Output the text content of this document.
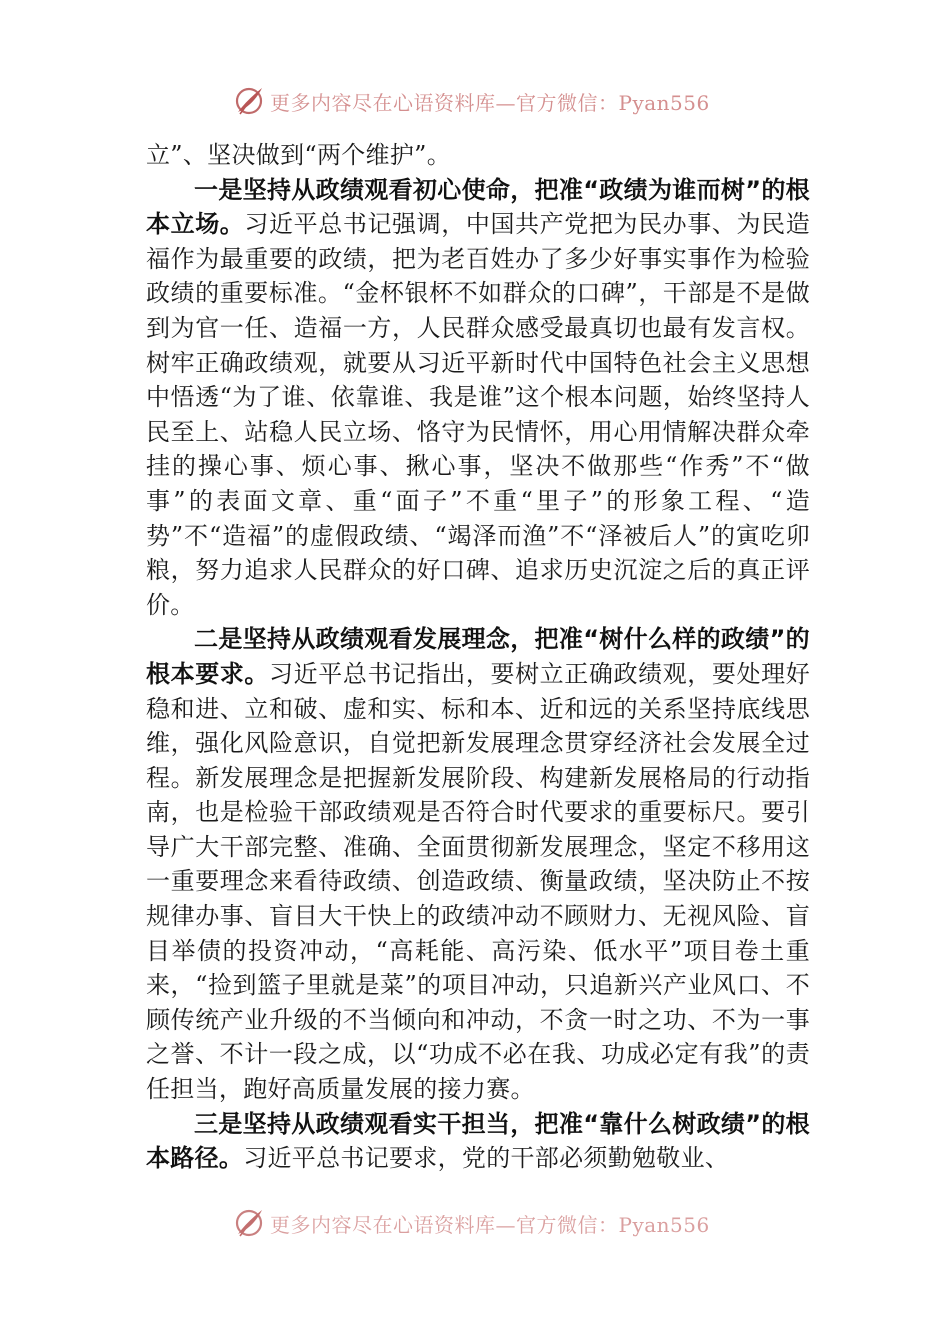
更多内容尽在心语资料库—官方微信：Pyan556

立”、坚决做到“两个维护”。

一是坚持从政绩观看初心使命，把准“政绩为谁而树”的根本立场。习近平总书记强调，中国共产党把为民办事、为民造福作为最重要的政绩，把为老百姓办了多少好事实事作为检验政绩的重要标准。“金杯银杯不如群众的口碑”，干部是不是做到为官一任、造福一方，人民群众感受最真切也最有发言权。树牢正确政绩观，就要从习近平新时代中国特色社会主义思想中悟透“为了谁、依靠谁、我是谁”这个根本问题，始终坚持人民至上、站稳人民立场、恪守为民情怀，用心用情解决群众牵挂的操心事、烦心事、揪心事，坚决不做那些“作秀”不“做事”的表面文章、重“面子”不重“里子”的形象工程、“造势”不“造福”的虚假政绩、“竭泽而渔”不“泽被后人”的寅吃卯粮，努力追求人民群众的好口碑、追求历史沉淀之后的真正评价。

二是坚持从政绩观看发展理念，把准“树什么样的政绩”的根本要求。习近平总书记指出，要树立正确政绩观，要处理好稳和进、立和破、虚和实、标和本、近和远的关系坚持底线思维，强化风险意识，自觉把新发展理念贯穿经济社会发展全过程。新发展理念是把握新发展阶段、构建新发展格局的行动指南，也是检验干部政绩观是否符合时代要求的重要标尺。要引导广大干部完整、准确、全面贯彻新发展理念，坚定不移用这一重要理念来看待政绩、创造政绩、衡量政绩，坚决防止不按规律办事、盲目大干快上的政绩冲动不顾财力、无视风险、盲目举债的投资冲动，“高耗能、高污染、低水平”项目卷土重来，“捡到篮子里就是菜”的项目冲动，只追新兴产业风口、不顾传统产业升级的不当倾向和冲动，不贪一时之功、不为一事之誉、不计一段之成，以“功成不必在我、功成必定有我”的责任担当，跑好高质量发展的接力赛。

三是坚持从政绩观看实干担当，把准“靠什么树政绩”的根本路径。习近平总书记要求，党的干部必须勤勉敬业、

更多内容尽在心语资料库—官方微信：Pyan556
